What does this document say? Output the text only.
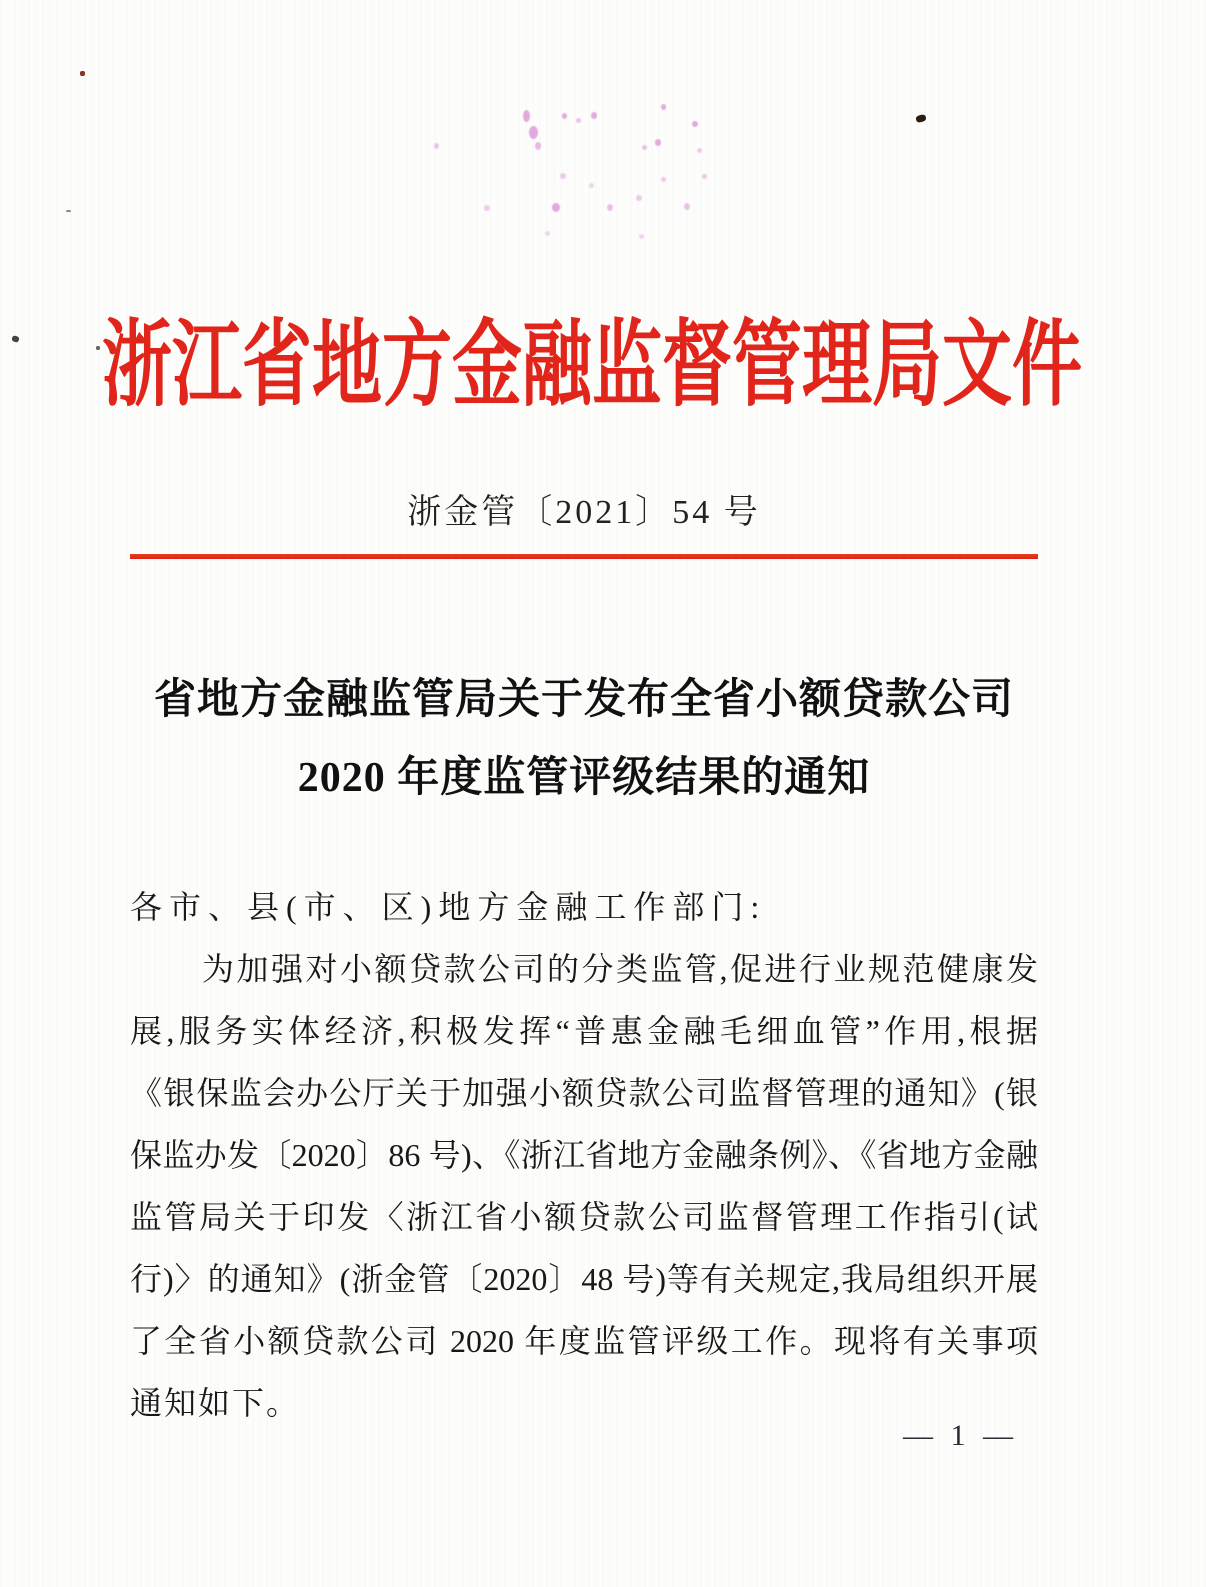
浙江省地方金融监督管理局文件
浙金管〔2021〕54 号
省地方金融监管局关于发布全省小额贷款公司
2020 年度监管评级结果的通知
各市、县(市、区)地方金融工作部门:
为加强对小额贷款公司的分类监管,促进行业规范健康发
展,服务实体经济,积极发挥“普惠金融毛细血管”作用,根据
《银保监会办公厅关于加强小额贷款公司监督管理的通知》(银
保监办发〔2020〕86 号)、《浙江省地方金融条例》、《省地方金融
监管局关于印发〈浙江省小额贷款公司监督管理工作指引(试
行)〉的通知》(浙金管〔2020〕48 号)等有关规定,我局组织开展
了全省小额贷款公司 2020 年度监管评级工作。现将有关事项
通知如下。
— 1 —
